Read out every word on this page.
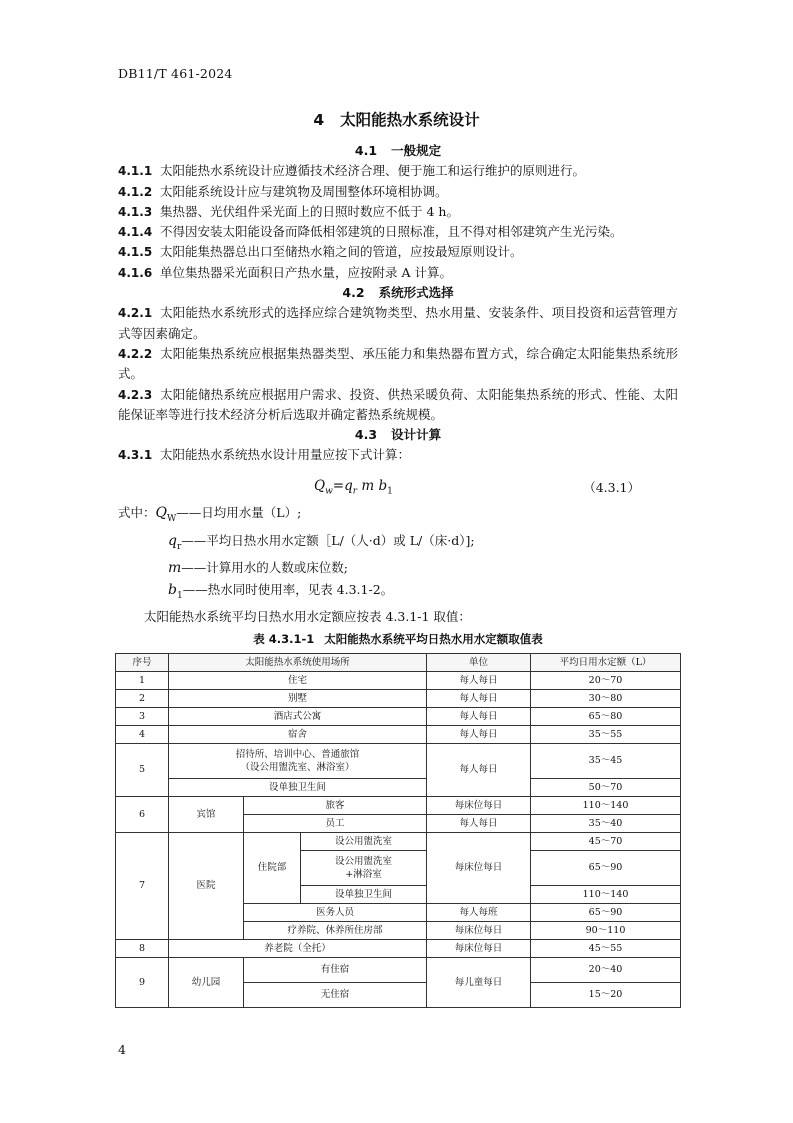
DB11/T 461-2024
4 太阳能热水系统设计

4.1 一般规定

4.1.1 太阳能热水系统设计应遵循技术经济合理、便于施工和运行维护的原则进行。

4.1.2 太阳能系统设计应与建筑物及周围整体环境相协调。

4.1.3 集热器、光伏组件采光面上的日照时数应不低于 4 h。

4.1.4 不得因安装太阳能设备而降低相邻建筑的日照标准，且不得对相邻建筑产生光污染。

4.1.5 太阳能集热器总出口至储热水箱之间的管道，应按最短原则设计。

4.1.6 单位集热器采光面积日产热水量，应按附录 A 计算。

4.2 系统形式选择

4.2.1 太阳能热水系统形式的选择应综合建筑物类型、热水用量、安装条件、项目投资和运营管理方式等因素确定。

4.2.2 太阳能集热系统应根据集热器类型、承压能力和集热器布置方式，综合确定太阳能集热系统形式。

4.2.3 太阳能储热系统应根据用户需求、投资、供热采暖负荷、太阳能集热系统的形式、性能、太阳能保证率等进行技术经济分析后选取并确定蓄热系统规模。

4.3 设计计算

4.3.1 太阳能热水系统热水设计用量应按下式计算：

$Q_w=q_r$ m $b_1$	（4.3.1）

式中：$Q_W——$日均用水量（L）;

$q_r——$平均日热水用水定额［L/（人·d）或 L/（床·d）];

m——计算用水的人数或床位数;

$b_1——$热水同时使用率，见表 4.3.1-2。

太阳能热水系统平均日热水用水定额应按表 4.3.1-1 取值：

表 4.3.1-1 太阳能热水系统平均日热水用水定额取值表
序号	太阳能热水系统使用场所			单位	平均日用水定额（L）
1	住宅			每人每日	20～70
2	别墅			每人每日	30～80
3	酒店式公寓			每人每日	65～80
4	宿舍			每人每日	35～55
5	招待所、培训中心、普通旅馆
（设公用盥洗室、淋浴室）			每人每日	35～45
	设单独卫生间				50～70
6	宾馆	旅客		每床位每日	110～140
		员工		每人每日	35～40
7	医院	住院部	设公用盥洗室	每床位每日	45～70

			设公用盥洗室
+淋浴室		65～90
			设单独卫生间		110～140
		医务人员		每人每班	65～90
		疗养院、休养所住房部		每床位每日	90～110
8	养老院（全托）			每床位每日	45～55
9	幼儿园	有住宿		每儿童每日	20～40
		无住宿			15～20
4
